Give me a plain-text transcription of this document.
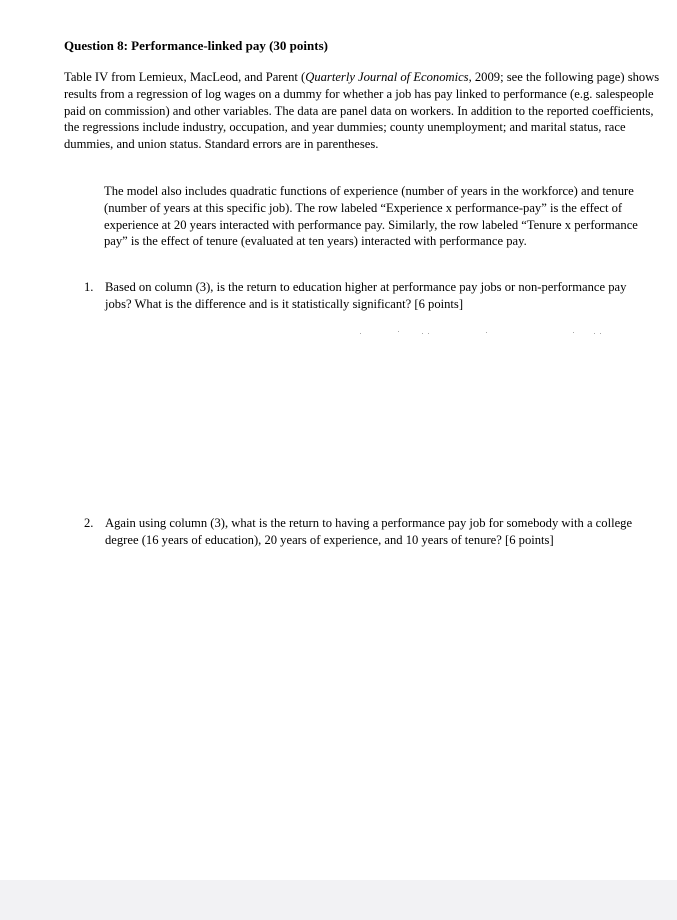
Question 8: Performance-linked pay (30 points)
Table IV from Lemieux, MacLeod, and Parent (Quarterly Journal of Economics, 2009; see the following page) shows results from a regression of log wages on a dummy for whether a job has pay linked to performance (e.g. salespeople paid on commission) and other variables. The data are panel data on workers. In addition to the reported coefficients, the regressions include industry, occupation, and year dummies; county unemployment; and marital status, race dummies, and union status. Standard errors are in parentheses.
The model also includes quadratic functions of experience (number of years in the workforce) and tenure (number of years at this specific job). The row labeled “Experience x performance-pay” is the effect of experience at 20 years interacted with performance pay. Similarly, the row labeled “Tenure x performance pay” is the effect of tenure (evaluated at ten years) interacted with performance pay.
1. Based on column (3), is the return to education higher at performance pay jobs or non-performance pay jobs? What is the difference and is it statistically significant? [6 points]
2. Again using column (3), what is the return to having a performance pay job for somebody with a college degree (16 years of education), 20 years of experience, and 10 years of tenure? [6 points]
